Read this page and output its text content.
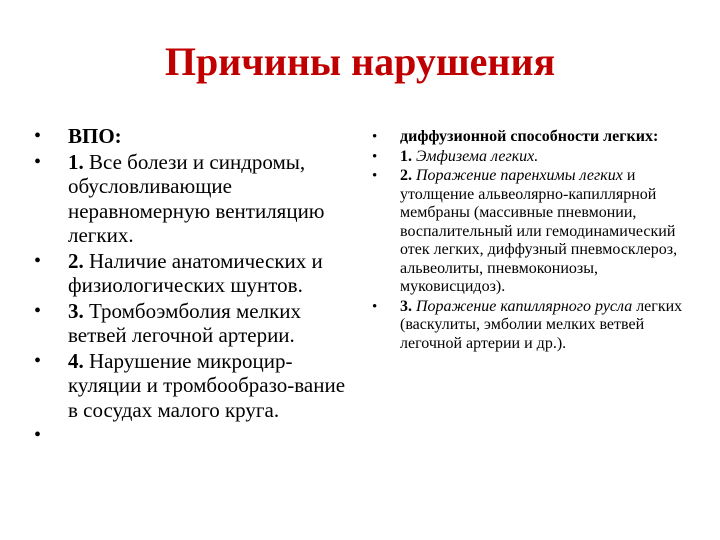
Причины нарушения
• ВПО:
• 1. Все болези и синдромы, обусловливающие неравномерную вентиляцию легких.
• 2. Наличие анатомических и физиологических шунтов.
• 3. Тромбоэмболия мелких ветвей легочной артерии.
• 4. Нарушение микроцир-куляции и тромбообразо-вание в сосудах малого круга.
• диффузионной способности легких:
• 1. Эмфизема легких.
• 2. Поражение паренхимы легких и утолщение альвеолярно-капиллярной мембраны (массивные пневмонии, воспалительный или гемодинамический отек легких, диффузный пневмосклероз, альвеолиты, пневмокониозы, муковисцидоз).
• 3. Поражение капиллярного русла легких (васкулиты, эмболии мелких ветвей легочной артерии и др.).
